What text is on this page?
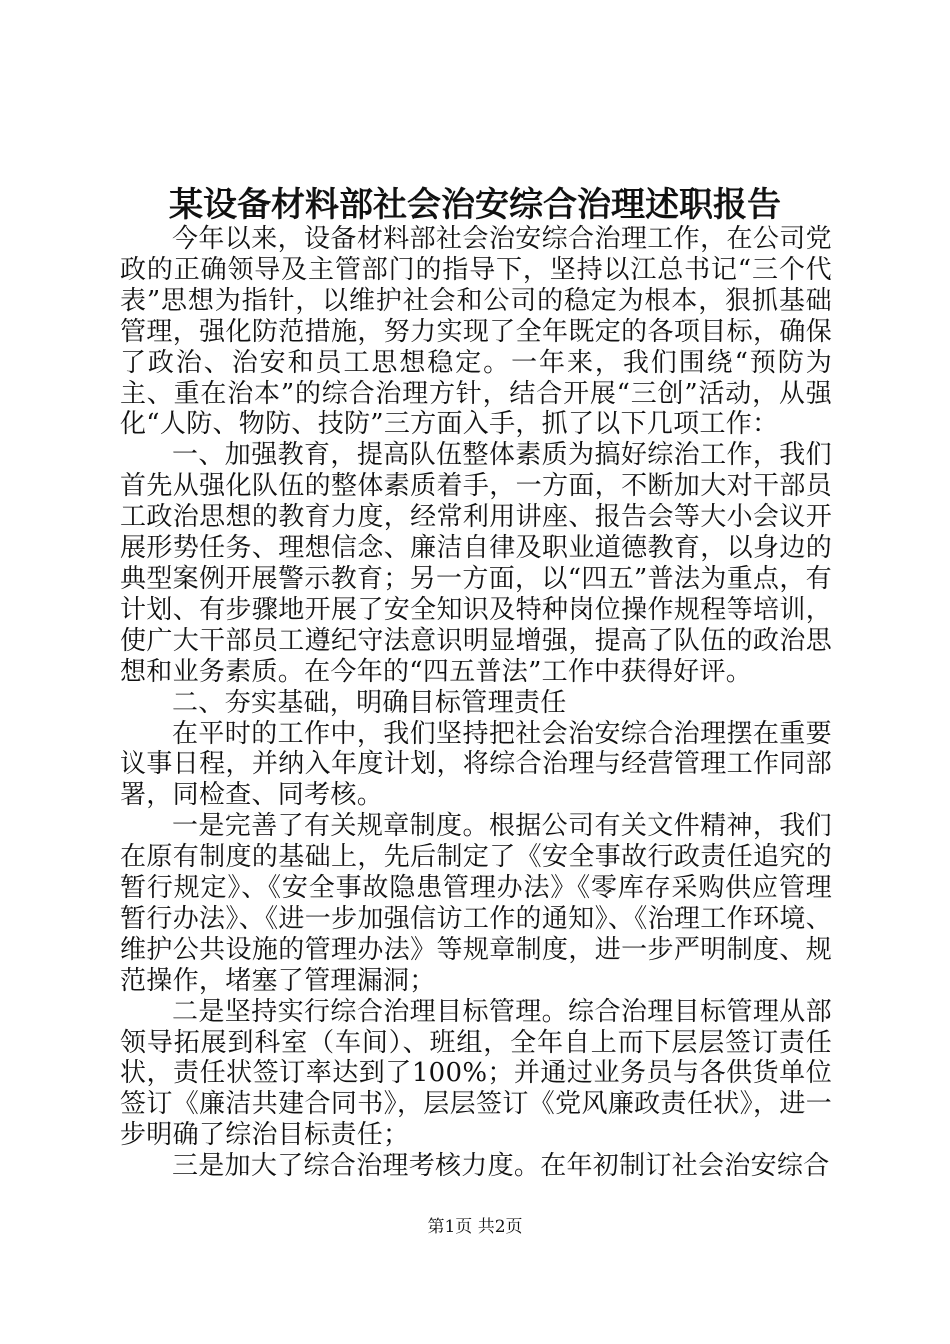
某设备材料部社会治安综合治理述职报告

今年以来，设备材料部社会治安综合治理工作，在公司党政的正确领导及主管部门的指导下，坚持以江总书记“三个代表”思想为指针，以维护社会和公司的稳定为根本，狠抓基础管理，强化防范措施，努力实现了全年既定的各项目标，确保了政治、治安和员工思想稳定。一年来，我们围绕“预防为主、重在治本”的综合治理方针，结合开展“三创”活动，从强化“人防、物防、技防”三方面入手，抓了以下几项工作：

一、加强教育，提高队伍整体素质为搞好综治工作，我们首先从强化队伍的整体素质着手，一方面，不断加大对干部员工政治思想的教育力度，经常利用讲座、报告会等大小会议开展形势任务、理想信念、廉洁自律及职业道德教育，以身边的典型案例开展警示教育；另一方面，以“四五”普法为重点，有计划、有步骤地开展了安全知识及特种岗位操作规程等培训，使广大干部员工遵纪守法意识明显增强，提高了队伍的政治思想和业务素质。在今年的“四五普法”工作中获得好评。

二、夯实基础，明确目标管理责任

在平时的工作中，我们坚持把社会治安综合治理摆在重要议事日程，并纳入年度计划，将综合治理与经营管理工作同部署，同检查、同考核。

一是完善了有关规章制度。根据公司有关文件精神，我们在原有制度的基础上，先后制定了《安全事故行政责任追究的暂行规定》、《安全事故隐患管理办法》《零库存采购供应管理暂行办法》、《进一步加强信访工作的通知》、《治理工作环境、维护公共设施的管理办法》等规章制度，进一步严明制度、规范操作，堵塞了管理漏洞；

二是坚持实行综合治理目标管理。综合治理目标管理从部领导拓展到科室（车间）、班组，全年自上而下层层签订责任状，责任状签订率达到了100%；并通过业务员与各供货单位签订《廉洁共建合同书》，层层签订《党风廉政责任状》，进一步明确了综治目标责任；

三是加大了综合治理考核力度。在年初制订社会治安综合

第1页 共2页
